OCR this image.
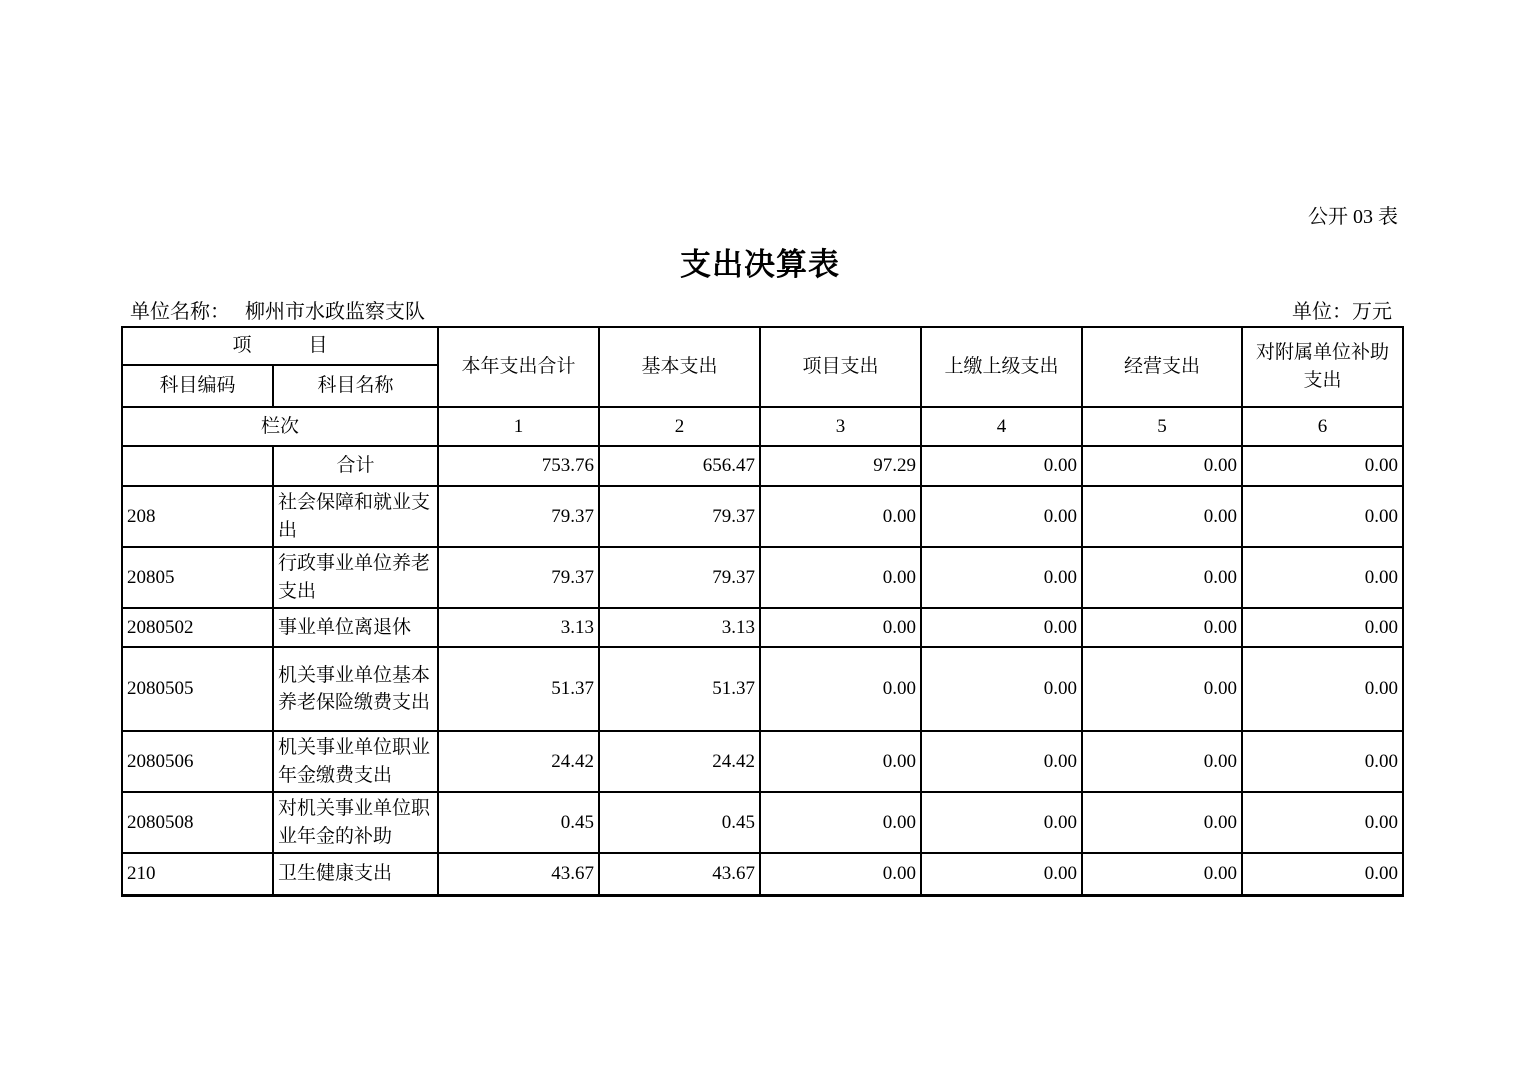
公开 03 表
支出决算表
单位名称： 柳州市水政监察支队	单位：万元
项　　　目		本年支出合计	基本支出	项目支出	上缴上级支出	经营支出	对附属单位补助支出
科目编码	科目名称						
栏次		1	2	3	4	5	6
	合计	753.76	656.47	97.29	0.00	0.00	0.00
208	社会保障和就业支出	79.37	79.37	0.00	0.00	0.00	0.00
20805	行政事业单位养老支出	79.37	79.37	0.00	0.00	0.00	0.00
2080502	事业单位离退休	3.13	3.13	0.00	0.00	0.00	0.00
2080505	机关事业单位基本养老保险缴费支出	51.37	51.37	0.00	0.00	0.00	0.00
2080506	机关事业单位职业年金缴费支出	24.42	24.42	0.00	0.00	0.00	0.00
2080508	对机关事业单位职业年金的补助	0.45	0.45	0.00	0.00	0.00	0.00
210	卫生健康支出	43.67	43.67	0.00	0.00	0.00	0.00
